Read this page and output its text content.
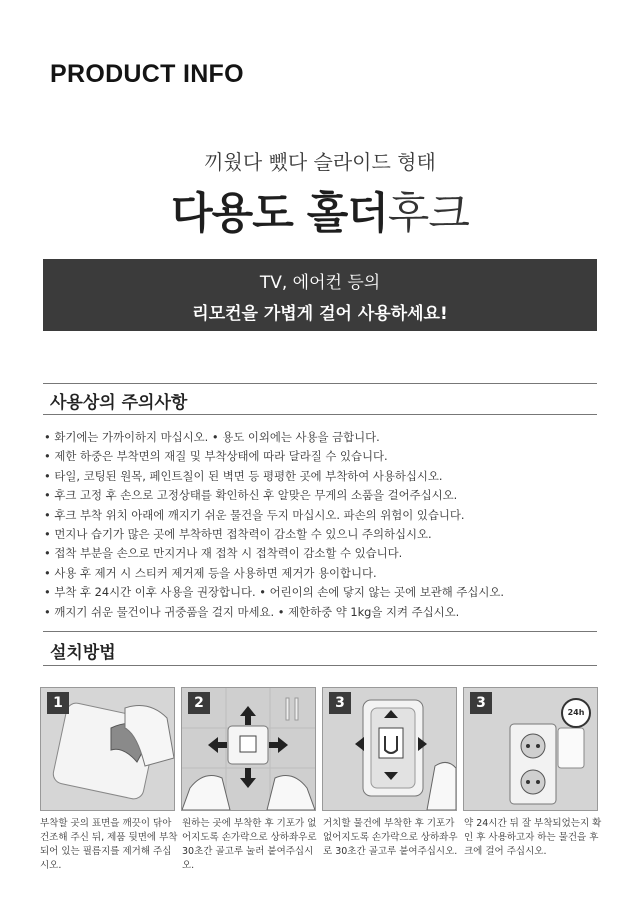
PRODUCT INFO
끼웠다 뺐다 슬라이드 형태
다용도 홀더후크
TV, 에어컨 등의
리모컨을 가볍게 걸어 사용하세요!
사용상의 주의사항
• 화기에는 가까이하지 마십시오. • 용도 이외에는 사용을 금합니다.
• 제한 하중은 부착면의 재질 및 부착상태에 따라 달라질 수 있습니다.
• 타일, 코팅된 원목, 페인트칠이 된 벽면 등 평평한 곳에 부착하여 사용하십시오.
• 후크 고정 후 손으로 고정상태를 확인하신 후 알맞은 무게의 소품을 걸어주십시오.
• 후크 부착 위치 아래에 깨지기 쉬운 물건을 두지 마십시오. 파손의 위험이 있습니다.
• 먼지나 습기가 많은 곳에 부착하면 접착력이 감소할 수 있으니 주의하십시오.
• 접착 부분을 손으로 만지거나 재 접착 시 접착력이 감소할 수 있습니다.
• 사용 후 제거 시 스티커 제거제 등을 사용하면 제거가 용이합니다.
• 부착 후 24시간 이후 사용을 권장합니다. • 어린이의 손에 닿지 않는 곳에 보관해 주십시오.
• 깨지기 쉬운 물건이나 귀중품을 걸지 마세요. • 제한하중 약 1kg을 지켜 주십시오.
설치방법
1	2	3	3
24h
부착할 곳의 표면을 깨끗이 닦아 건조해 주신 뒤, 제품 뒷면에 부착되어 있는 필름지를 제거해 주십시오.
원하는 곳에 부착한 후 기포가 없어지도록 손가락으로 상하좌우로 30초간 골고루 눌러 붙여주십시오.
거치할 물건에 부착한 후 기포가 없어지도록 손가락으로 상하좌우로 30초간 골고루 붙여주십시오.
약 24시간 뒤 잘 부착되었는지 확인 후 사용하고자 하는 물건을 후크에 걸어 주십시오.
